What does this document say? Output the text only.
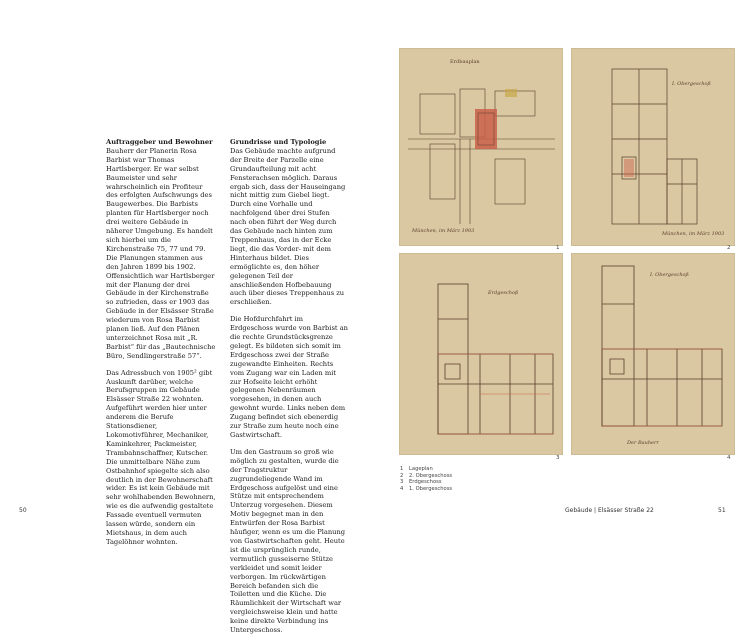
Auftraggeber und Bewohner

Bauherr der Planerin Rosa Barbist war Thomas Hartlsberger. Er war selbst Baumeister und sehr wahrscheinlich ein Profiteur des erfolgten Aufschwungs des Baugewerbes. Die Barbists planten für Hartlsberger noch drei weitere Gebäude in näherer Umgebung. Es handelt sich hierbei um die Kirchenstraße 75, 77 und 79. Die Planungen stammen aus den Jahren 1899 bis 1902. Offensichtlich war Hartlsberger mit der Planung der drei Gebäude in der Kirchenstraße so zufrieden, dass er 1903 das Gebäude in der Elsässer Straße wiederum von Rosa Barbist planen ließ. Auf den Plänen unterzeichnet Rosa mit „R. Barbist“ für das „Bautechnische Büro, Sendlingerstraße 57“.

Das Adressbuch von 1905² gibt Auskunft darüber, welche Berufsgruppen im Gebäude Elsässer Straße 22 wohnten. Aufgeführt werden hier unter anderem die Berufe Stationsdiener, Lokomotivführer, Mechaniker, Kaminkehrer, Packmeister, Trambahnschaffner, Kutscher. Die unmittelbare Nähe zum Ostbahnhof spiegelte sich also deutlich in der Bewohnerschaft wider. Es ist kein Gebäude mit sehr wohlhabenden Bewohnern, wie es die aufwendig gestaltete Fassade eventuell vermuten lassen würde, sondern ein Mietshaus, in dem auch Tagelöhner wohnten.

Grundrisse und Typologie

Das Gebäude machte aufgrund der Breite der Parzelle eine Grundaufteilung mit acht Fensterachsen möglich. Daraus ergab sich, dass der Hauseingang nicht mittig zum Giebel liegt. Durch eine Vorhalle und nachfolgend über drei Stufen nach oben führt der Weg durch das Gebäude nach hinten zum Treppenhaus, das in der Ecke liegt, die das Vorder- mit dem Hinterhaus bildet. Dies ermöglichte es, den höher gelegenen Teil der anschließenden Hofbebauung auch über dieses Treppenhaus zu erschließen.

Die Hofdurchfahrt im Erdgeschoss wurde von Barbist an die rechte Grundstücksgrenze gelegt. Es bildeten sich somit im Erdgeschoss zwei der Straße zugewandte Einheiten. Rechts vom Zugang war ein Laden mit zur Hofseite leicht erhöht gelegenen Nebenräumen vorgesehen, in denen auch gewohnt wurde. Links neben dem Zugang befindet sich ebenerdig zur Straße zum heute noch eine Gastwirtschaft.

Um den Gastraum so groß wie möglich zu gestalten, wurde die der Tragstruktur zugrundeliegende Wand im Erdgeschoss aufgelöst und eine Stütze mit entsprechendem Unterzug vorgesehen. Diesem Motiv begegnet man in den Entwürfen der Rosa Barbist häufiger, wenn es um die Planung von Gastwirtschaften geht. Heute ist die ursprünglich runde, vermutlich gusseiserne Stütze verkleidet und somit leider verborgen. Im rückwärtigen Bereich befanden sich die Toiletten und die Küche. Die Räumlichkeit der Wirtschaft war vergleichsweise klein und hatte keine direkte Verbindung ins Untergeschoss.

Erdbauplan
München, im März 1903
1
I. Obergeschoß
München, im März 1903
2
Erdgeschoß
3
I. Obergeschoß
Der Bauherr
4
1 Lageplan
2 2. Obergeschoss
3 Erdgeschoss
4 1. Obergeschoss
50	Gebäude | Elsässer Straße 22	51
